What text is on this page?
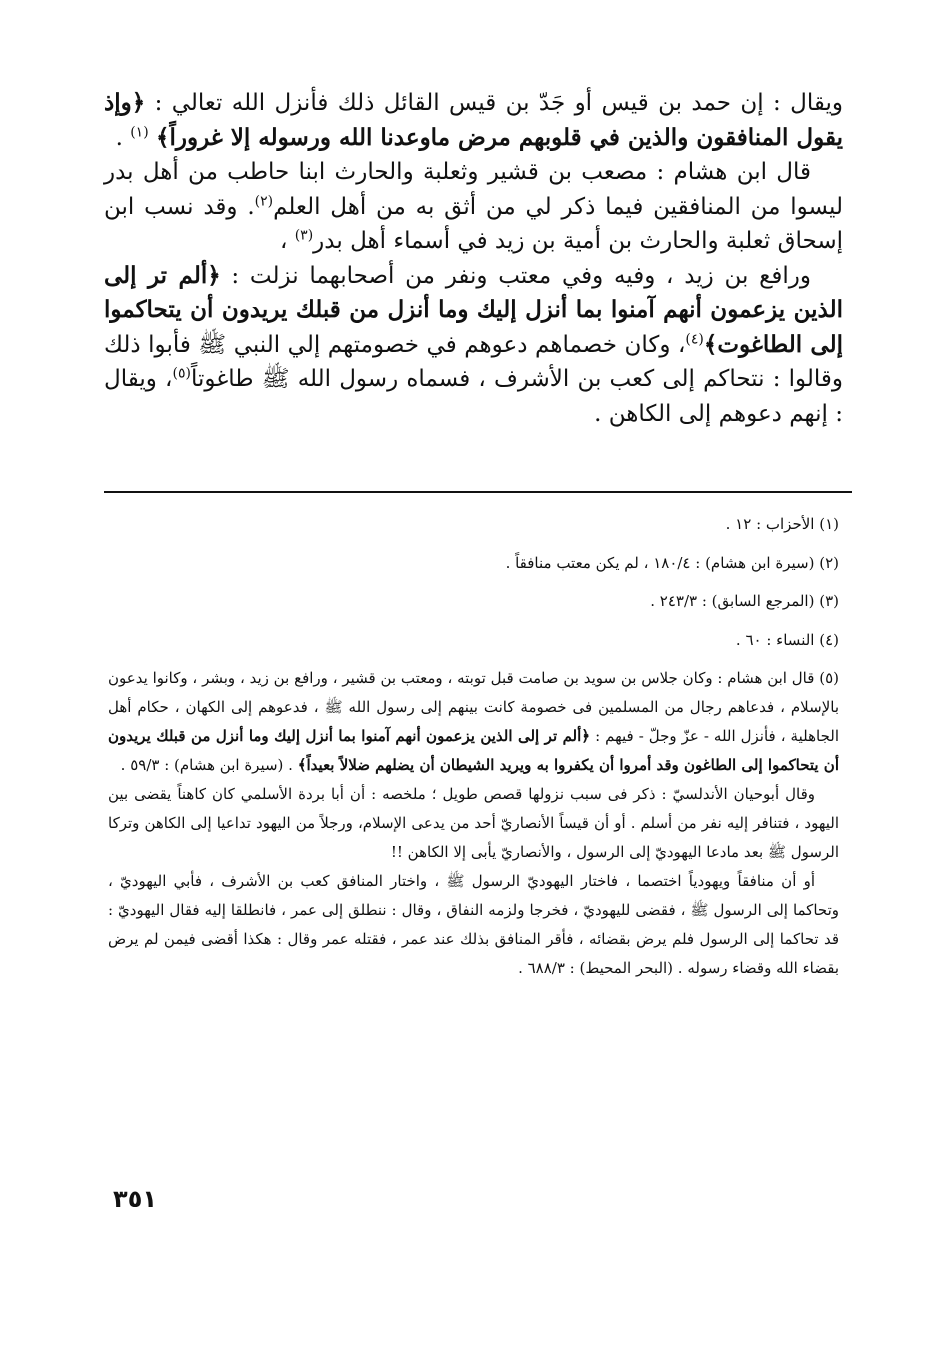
ويقال : إن حمد بن قيس أو جَدّ بن قيس القائل ذلك فأنزل الله تعالي : ﴿وإذ يقول المنافقون والذين في قلوبهم مرض ماوعدنا الله ورسوله إلا غروراً﴾ $^{(١)}$ .

قال ابن هشام : مصعب بن قشير وثعلبة والحارث ابنا حاطب من أهل بدر ليسوا من المنافقين فيما ذكر لي من أثق به من أهل العلم$^{(٢)}$. وقد نسب ابن إسحاق ثعلبة والحارث بن أمية بن زيد في أسماء أهل بدر$^{(٣)}$ ،

ورافع بن زيد ، وفيه وفي معتب ونفر من أصحابهما نزلت : ﴿ألم تر إلى الذين يزعمون أنهم آمنوا بما أنزل إليك وما أنزل من قبلك يريدون أن يتحاكموا إلى الطاغوت﴾$^{(٤)}$، وكان خصماهم دعوهم في خصومتهم إلي النبي ﷺ فأبوا ذلك وقالوا : نتحاكم إلى كعب بن الأشرف ، فسماه رسول الله ﷺ طاغوتاً$^{(٥)}$، ويقال : إنهم دعوهم إلى الكاهن .

(١) الأحزاب : ١٢ .

(٢) (سيرة ابن هشام) : ١٨٠/٤ ، لم يكن معتب منافقاً .

(٣) (المرجع السابق) : ٢٤٣/٣ .

(٤) النساء : ٦٠ .

(٥) قال ابن هشام : وكان جلاس بن سويد بن صامت قبل توبته ، ومعتب بن قشير ، ورافع بن زيد ، وبشر ، وكانوا يدعون بالإسلام ، فدعاهم رجال من المسلمين فى خصومة كانت بينهم إلى رسول الله ﷺ ، فدعوهم إلى الكهان ، حكام أهل الجاهلية ، فأنزل الله - عزّ وجلّ - فيهم : ﴿ألم تر إلى الذين يزعمون أنهم آمنوا بما أنزل إليك وما أنزل من قبلك يريدون أن يتحاكموا إلى الطاغون وقد أمروا أن يكفروا به ويريد الشيطان أن يضلهم ضلالاً بعيداً﴾ . (سيرة ابن هشام) : ٥٩/٣ .

وقال أبوحيان الأندلسيّ : ذكر فى سبب نزولها قصص طويل ؛ ملخصه : أن أبا بردة الأسلمي كان كاهناً يقضى بين اليهود ، فتنافر إليه نفر من أسلم . أو أن قيساً الأنصاريّ أحد من يدعى الإسلام، ورجلاً من اليهود تداعيا إلى الكاهن وتركا الرسول ﷺ بعد مادعا اليهوديّ إلى الرسول ، والأنصاريّ يأبى إلا الكاهن !!

أو أن منافقاً ويهودياً اختصما ، فاختار اليهوديّ الرسول ﷺ ، واختار المنافق كعب بن الأشرف ، فأبي اليهوديّ ، وتحاكما إلى الرسول ﷺ ، فقضى لليهوديّ ، فخرجا ولزمه النفاق ، وقال : ننطلق إلى عمر ، فانطلقا إليه فقال اليهوديّ : قد تحاكما إلى الرسول فلم يرض بقضائه ، فأقر المنافق بذلك عند عمر ، فقتله عمر وقال : هكذا أقضى فيمن لم يرض بقضاء الله وقضاء رسوله . (البحر المحيط) : ٦٨٨/٣ .

٣٥١
